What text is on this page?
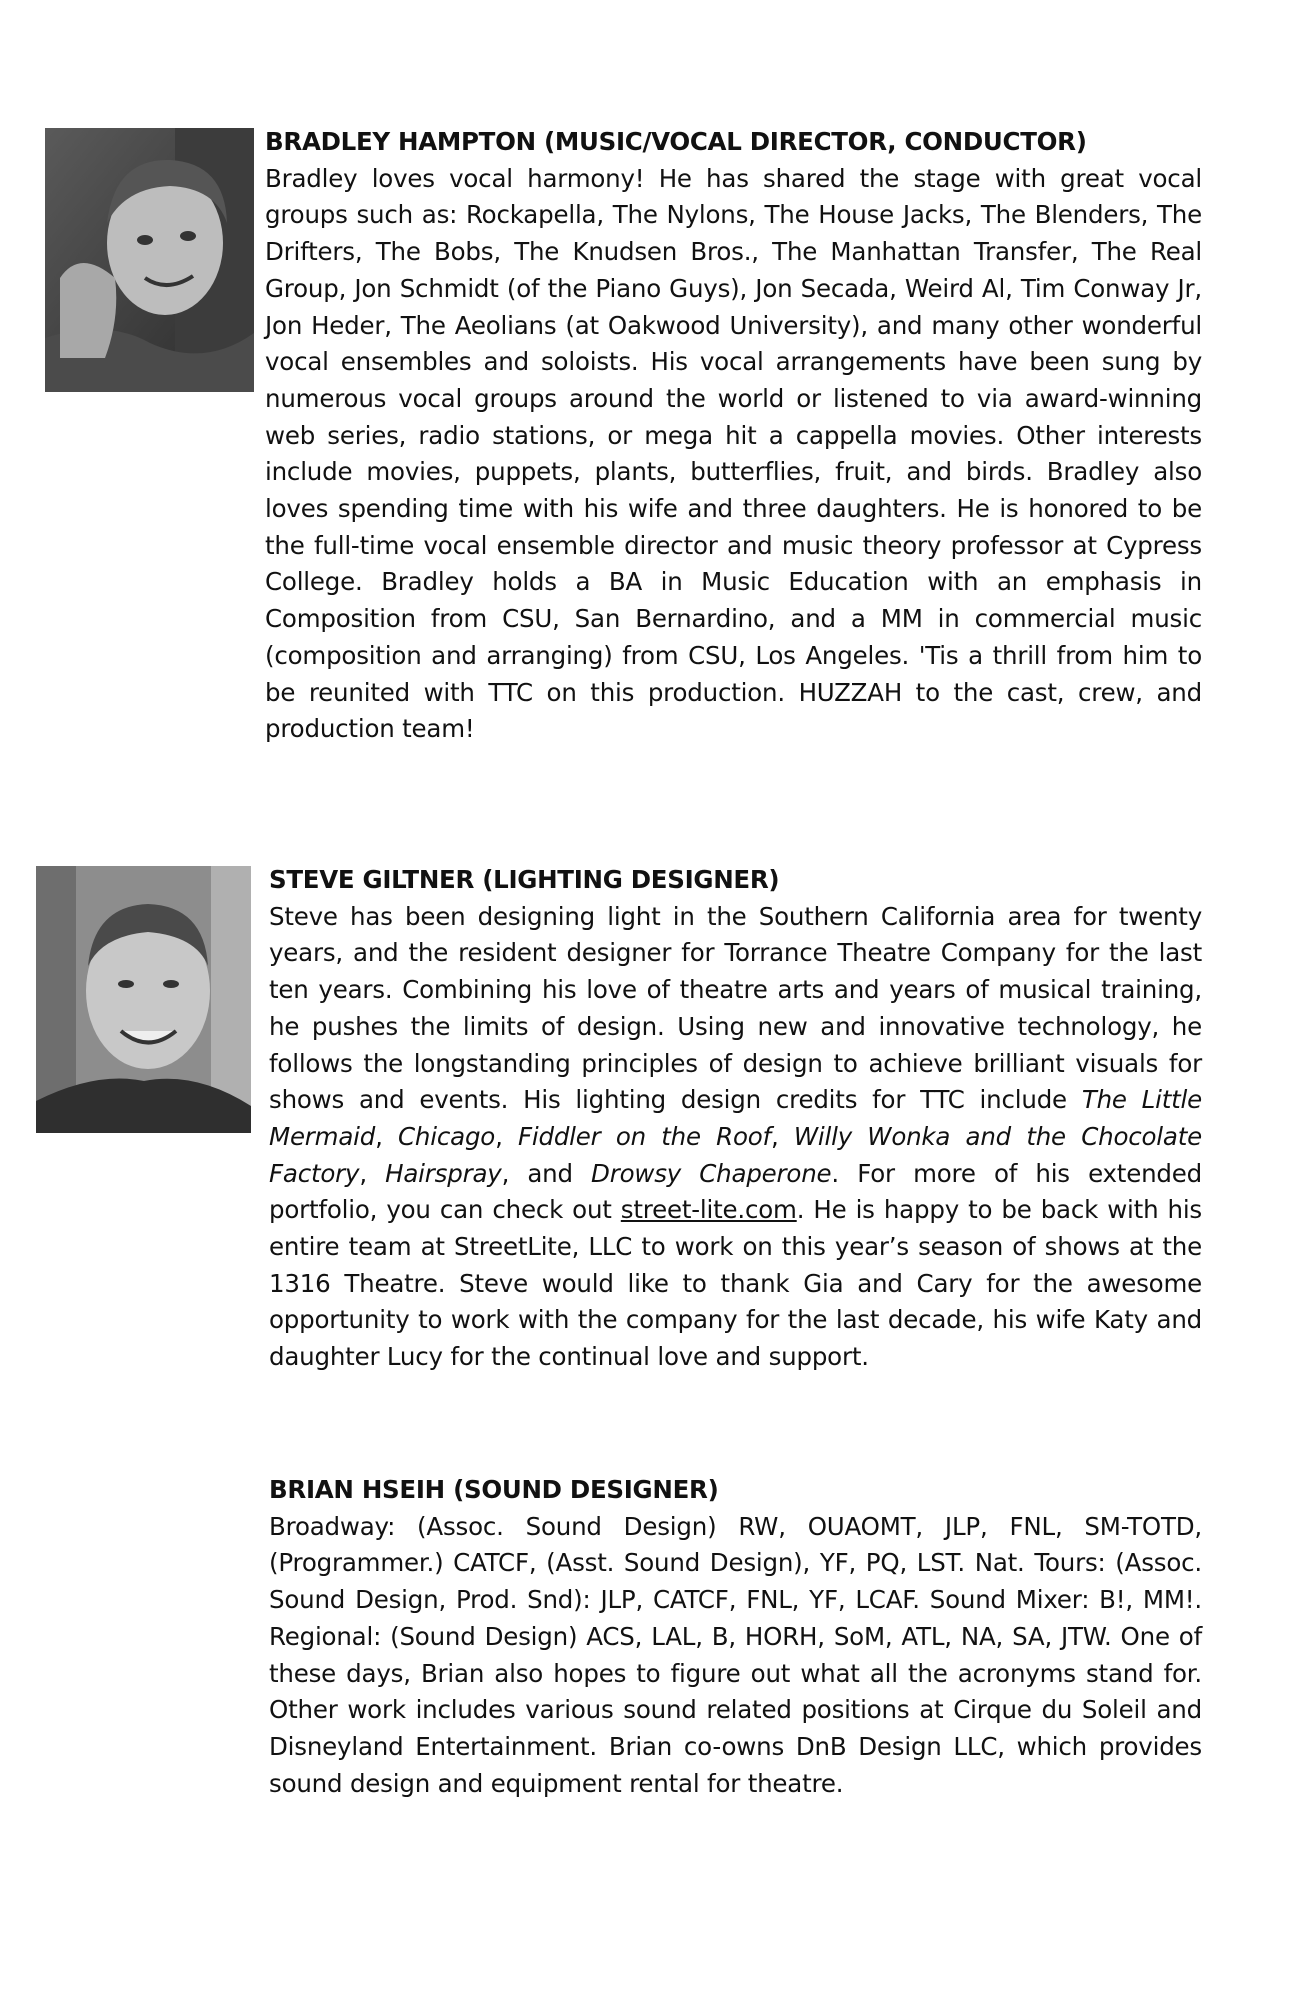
BRADLEY HAMPTON (MUSIC/VOCAL DIRECTOR, CONDUCTOR)
Bradley loves vocal harmony! He has shared the stage with great vocal groups such as: Rockapella, The Nylons, The House Jacks, The Blenders, The Drifters, The Bobs, The Knudsen Bros., The Manhattan Transfer, The Real Group, Jon Schmidt (of the Piano Guys), Jon Secada, Weird Al, Tim Conway Jr, Jon Heder, The Aeolians (at Oakwood University), and many other wonderful vocal ensembles and soloists. His vocal arrangements have been sung by numerous vocal groups around the world or listened to via award-winning web series, radio stations, or mega hit a cappella movies. Other interests include movies, puppets, plants, butterflies, fruit, and birds. Bradley also loves spending time with his wife and three daughters. He is honored to be the full-time vocal ensemble director and music theory professor at Cypress College. Bradley holds a BA in Music Education with an emphasis in Composition from CSU, San Bernardino, and a MM in commercial music (composition and arranging) from CSU, Los Angeles. 'Tis a thrill from him to be reunited with TTC on this production. HUZZAH to the cast, crew, and production team!
STEVE GILTNER (LIGHTING DESIGNER)
Steve has been designing light in the Southern California area for twenty years, and the resident designer for Torrance Theatre Company for the last ten years. Combining his love of theatre arts and years of musical training, he pushes the limits of design. Using new and innovative technology, he follows the longstanding principles of design to achieve brilliant visuals for shows and events. His lighting design credits for TTC include The Little Mermaid, Chicago, Fiddler on the Roof, Willy Wonka and the Chocolate Factory, Hairspray, and Drowsy Chaperone. For more of his extended portfolio, you can check out street-lite.com. He is happy to be back with his entire team at StreetLite, LLC to work on this year’s season of shows at the 1316 Theatre. Steve would like to thank Gia and Cary for the awesome opportunity to work with the company for the last decade, his wife Katy and daughter Lucy for the continual love and support.
BRIAN HSEIH (SOUND DESIGNER)
Broadway: (Assoc. Sound Design) RW, OUAOMT, JLP, FNL, SM-TOTD, (Programmer.) CATCF, (Asst. Sound Design), YF, PQ, LST. Nat. Tours: (Assoc. Sound Design, Prod. Snd): JLP, CATCF, FNL, YF, LCAF. Sound Mixer: B!, MM!. Regional: (Sound Design) ACS, LAL, B, HORH, SoM, ATL, NA, SA, JTW. One of these days, Brian also hopes to figure out what all the acronyms stand for. Other work includes various sound related positions at Cirque du Soleil and Disneyland Entertainment. Brian co-owns DnB Design LLC, which provides sound design and equipment rental for theatre.
